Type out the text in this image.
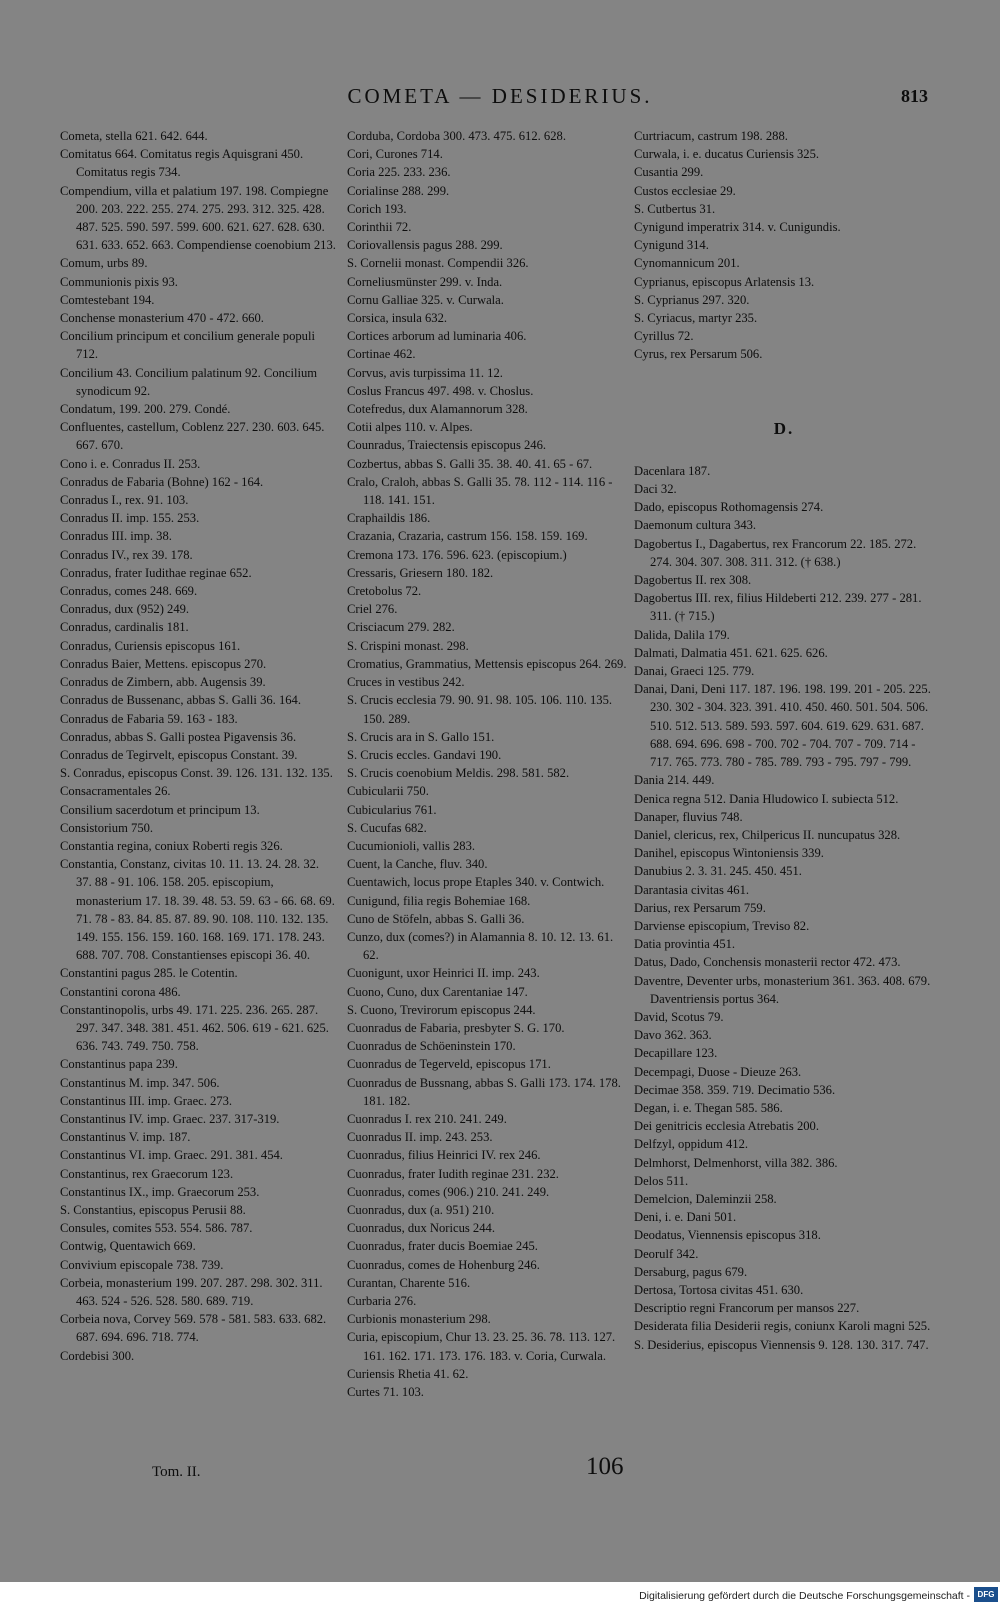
COMETA — DESIDERIUS.	813
Cometa, stella 621. 642. 644.
Comitatus 664. Comitatus regis Aquisgrani 450. Comitatus regis 734.
Compendium, villa et palatium 197. 198. Compiegne 200. 203. 222. 255. 274. 275. 293. 312. 325. 428. 487. 525. 590. 597. 599. 600. 621. 627. 628. 630. 631. 633. 652. 663. Compendiense coenobium 213.
Comum, urbs 89.
Communionis pixis 93.
Comtestebant 194.
Conchense monasterium 470 - 472. 660.
Concilium principum et concilium generale populi 712.
Concilium 43. Concilium palatinum 92. Concilium synodicum 92.
Condatum, 199. 200. 279. Condé.
Confluentes, castellum, Coblenz 227. 230. 603. 645. 667. 670.
Cono i. e. Conradus II. 253.
Conradus de Fabaria (Bohne) 162 - 164.
Conradus I., rex. 91. 103.
Conradus II. imp. 155. 253.
Conradus III. imp. 38.
Conradus IV., rex 39. 178.
Conradus, frater Iudithae reginae 652.
Conradus, comes 248. 669.
Conradus, dux (952) 249.
Conradus, cardinalis 181.
Conradus, Curiensis episcopus 161.
Conradus Baier, Mettens. episcopus 270.
Conradus de Zimbern, abb. Augensis 39.
Conradus de Bussenanc, abbas S. Galli 36. 164.
Conradus de Fabaria 59. 163 - 183.
Conradus, abbas S. Galli postea Pigavensis 36.
Conradus de Tegirvelt, episcopus Constant. 39.
S. Conradus, episcopus Const. 39. 126. 131. 132. 135.
Consacramentales 26.
Consilium sacerdotum et principum 13.
Consistorium 750.
Constantia regina, coniux Roberti regis 326.
Constantia, Constanz, civitas 10. 11. 13. 24. 28. 32. 37. 88 - 91. 106. 158. 205. episcopium, monasterium 17. 18. 39. 48. 53. 59. 63 - 66. 68. 69. 71. 78 - 83. 84. 85. 87. 89. 90. 108. 110. 132. 135. 149. 155. 156. 159. 160. 168. 169. 171. 178. 243. 688. 707. 708. Constantienses episcopi 36. 40.
Constantini pagus 285. le Cotentin.
Constantini corona 486.
Constantinopolis, urbs 49. 171. 225. 236. 265. 287. 297. 347. 348. 381. 451. 462. 506. 619 - 621. 625. 636. 743. 749. 750. 758.
Constantinus papa 239.
Constantinus M. imp. 347. 506.
Constantinus III. imp. Graec. 273.
Constantinus IV. imp. Graec. 237. 317-319.
Constantinus V. imp. 187.
Constantinus VI. imp. Graec. 291. 381. 454.
Constantinus, rex Graecorum 123.
Constantinus IX., imp. Graecorum 253.
S. Constantius, episcopus Perusii 88.
Consules, comites 553. 554. 586. 787.
Contwig, Quentawich 669.
Convivium episcopale 738. 739.
Corbeia, monasterium 199. 207. 287. 298. 302. 311. 463. 524 - 526. 528. 580. 689. 719.
Corbeia nova, Corvey 569. 578 - 581. 583. 633. 682. 687. 694. 696. 718. 774.
Cordebisi 300.
Corduba, Cordoba 300. 473. 475. 612. 628.
Cori, Curones 714.
Coria 225. 233. 236.
Corialinse 288. 299.
Corich 193.
Corinthii 72.
Coriovallensis pagus 288. 299.
S. Cornelii monast. Compendii 326.
Corneliusmünster 299. v. Inda.
Cornu Galliae 325. v. Curwala.
Corsica, insula 632.
Cortices arborum ad luminaria 406.
Cortinae 462.
Corvus, avis turpissima 11. 12.
Coslus Francus 497. 498. v. Choslus.
Cotefredus, dux Alamannorum 328.
Cotii alpes 110. v. Alpes.
Counradus, Traiectensis episcopus 246.
Cozbertus, abbas S. Galli 35. 38. 40. 41. 65 - 67.
Cralo, Craloh, abbas S. Galli 35. 78. 112 - 114. 116 - 118. 141. 151.
Craphaildis 186.
Crazania, Crazaria, castrum 156. 158. 159. 169.
Cremona 173. 176. 596. 623. (episcopium.)
Cressaris, Griesern 180. 182.
Cretobolus 72.
Criel 276.
Crisciacum 279. 282.
S. Crispini monast. 298.
Cromatius, Grammatius, Mettensis episcopus 264. 269.
Cruces in vestibus 242.
S. Crucis ecclesia 79. 90. 91. 98. 105. 106. 110. 135. 150. 289.
S. Crucis ara in S. Gallo 151.
S. Crucis eccles. Gandavi 190.
S. Crucis coenobium Meldis. 298. 581. 582.
Cubicularii 750.
Cubicularius 761.
S. Cucufas 682.
Cucumionioli, vallis 283.
Cuent, la Canche, fluv. 340.
Cuentawich, locus prope Etaples 340. v. Contwich.
Cunigund, filia regis Bohemiae 168.
Cuno de Stöfeln, abbas S. Galli 36.
Cunzo, dux (comes?) in Alamannia 8. 10. 12. 13. 61. 62.
Cuonigunt, uxor Heinrici II. imp. 243.
Cuono, Cuno, dux Carentaniae 147.
S. Cuono, Trevirorum episcopus 244.
Cuonradus de Fabaria, presbyter S. G. 170.
Cuonradus de Schöeninstein 170.
Cuonradus de Tegerveld, episcopus 171.
Cuonradus de Bussnang, abbas S. Galli 173. 174. 178. 181. 182.
Cuonradus I. rex 210. 241. 249.
Cuonradus II. imp. 243. 253.
Cuonradus, filius Heinrici IV. rex 246.
Cuonradus, frater Iudith reginae 231. 232.
Cuonradus, comes (906.) 210. 241. 249.
Cuonradus, dux (a. 951) 210.
Cuonradus, dux Noricus 244.
Cuonradus, frater ducis Boemiae 245.
Cuonradus, comes de Hohenburg 246.
Curantan, Charente 516.
Curbaria 276.
Curbionis monasterium 298.
Curia, episcopium, Chur 13. 23. 25. 36. 78. 113. 127. 161. 162. 171. 173. 176. 183. v. Coria, Curwala.
Curiensis Rhetia 41. 62.
Curtes 71. 103.
Curtriacum, castrum 198. 288.
Curwala, i. e. ducatus Curiensis 325.
Cusantia 299.
Custos ecclesiae 29.
S. Cutbertus 31.
Cynigund imperatrix 314. v. Cunigundis.
Cynigund 314.
Cynomannicum 201.
Cyprianus, episcopus Arlatensis 13.
S. Cyprianus 297. 320.
S. Cyriacus, martyr 235.
Cyrillus 72.
Cyrus, rex Persarum 506.
D.
Dacenlara 187.
Daci 32.
Dado, episcopus Rothomagensis 274.
Daemonum cultura 343.
Dagobertus I., Dagabertus, rex Francorum 22. 185. 272. 274. 304. 307. 308. 311. 312. († 638.)
Dagobertus II. rex 308.
Dagobertus III. rex, filius Hildeberti 212. 239. 277 - 281. 311. († 715.)
Dalida, Dalila 179.
Dalmati, Dalmatia 451. 621. 625. 626.
Danai, Graeci 125. 779.
Danai, Dani, Deni 117. 187. 196. 198. 199. 201 - 205. 225. 230. 302 - 304. 323. 391. 410. 450. 460. 501. 504. 506. 510. 512. 513. 589. 593. 597. 604. 619. 629. 631. 687. 688. 694. 696. 698 - 700. 702 - 704. 707 - 709. 714 - 717. 765. 773. 780 - 785. 789. 793 - 795. 797 - 799.
Dania 214. 449.
Denica regna 512. Dania Hludowico I. subiecta 512.
Danaper, fluvius 748.
Daniel, clericus, rex, Chilpericus II. nuncupatus 328.
Danihel, episcopus Wintoniensis 339.
Danubius 2. 3. 31. 245. 450. 451.
Darantasia civitas 461.
Darius, rex Persarum 759.
Darviense episcopium, Treviso 82.
Datia provintia 451.
Datus, Dado, Conchensis monasterii rector 472. 473.
Daventre, Deventer urbs, monasterium 361. 363. 408. 679. Daventriensis portus 364.
David, Scotus 79.
Davo 362. 363.
Decapillare 123.
Decempagi, Duose - Dieuze 263.
Decimae 358. 359. 719. Decimatio 536.
Degan, i. e. Thegan 585. 586.
Dei genitricis ecclesia Atrebatis 200.
Delfzyl, oppidum 412.
Delmhorst, Delmenhorst, villa 382. 386.
Delos 511.
Demelcion, Daleminzii 258.
Deni, i. e. Dani 501.
Deodatus, Viennensis episcopus 318.
Deorulf 342.
Dersaburg, pagus 679.
Dertosa, Tortosa civitas 451. 630.
Descriptio regni Francorum per mansos 227.
Desiderata filia Desiderii regis, coniunx Karoli magni 525.
S. Desiderius, episcopus Viennensis 9. 128. 130. 317. 747.
Tom. II.	106
Digitalisierung gefördert durch die Deutsche Forschungsgemeinschaft - DFG
